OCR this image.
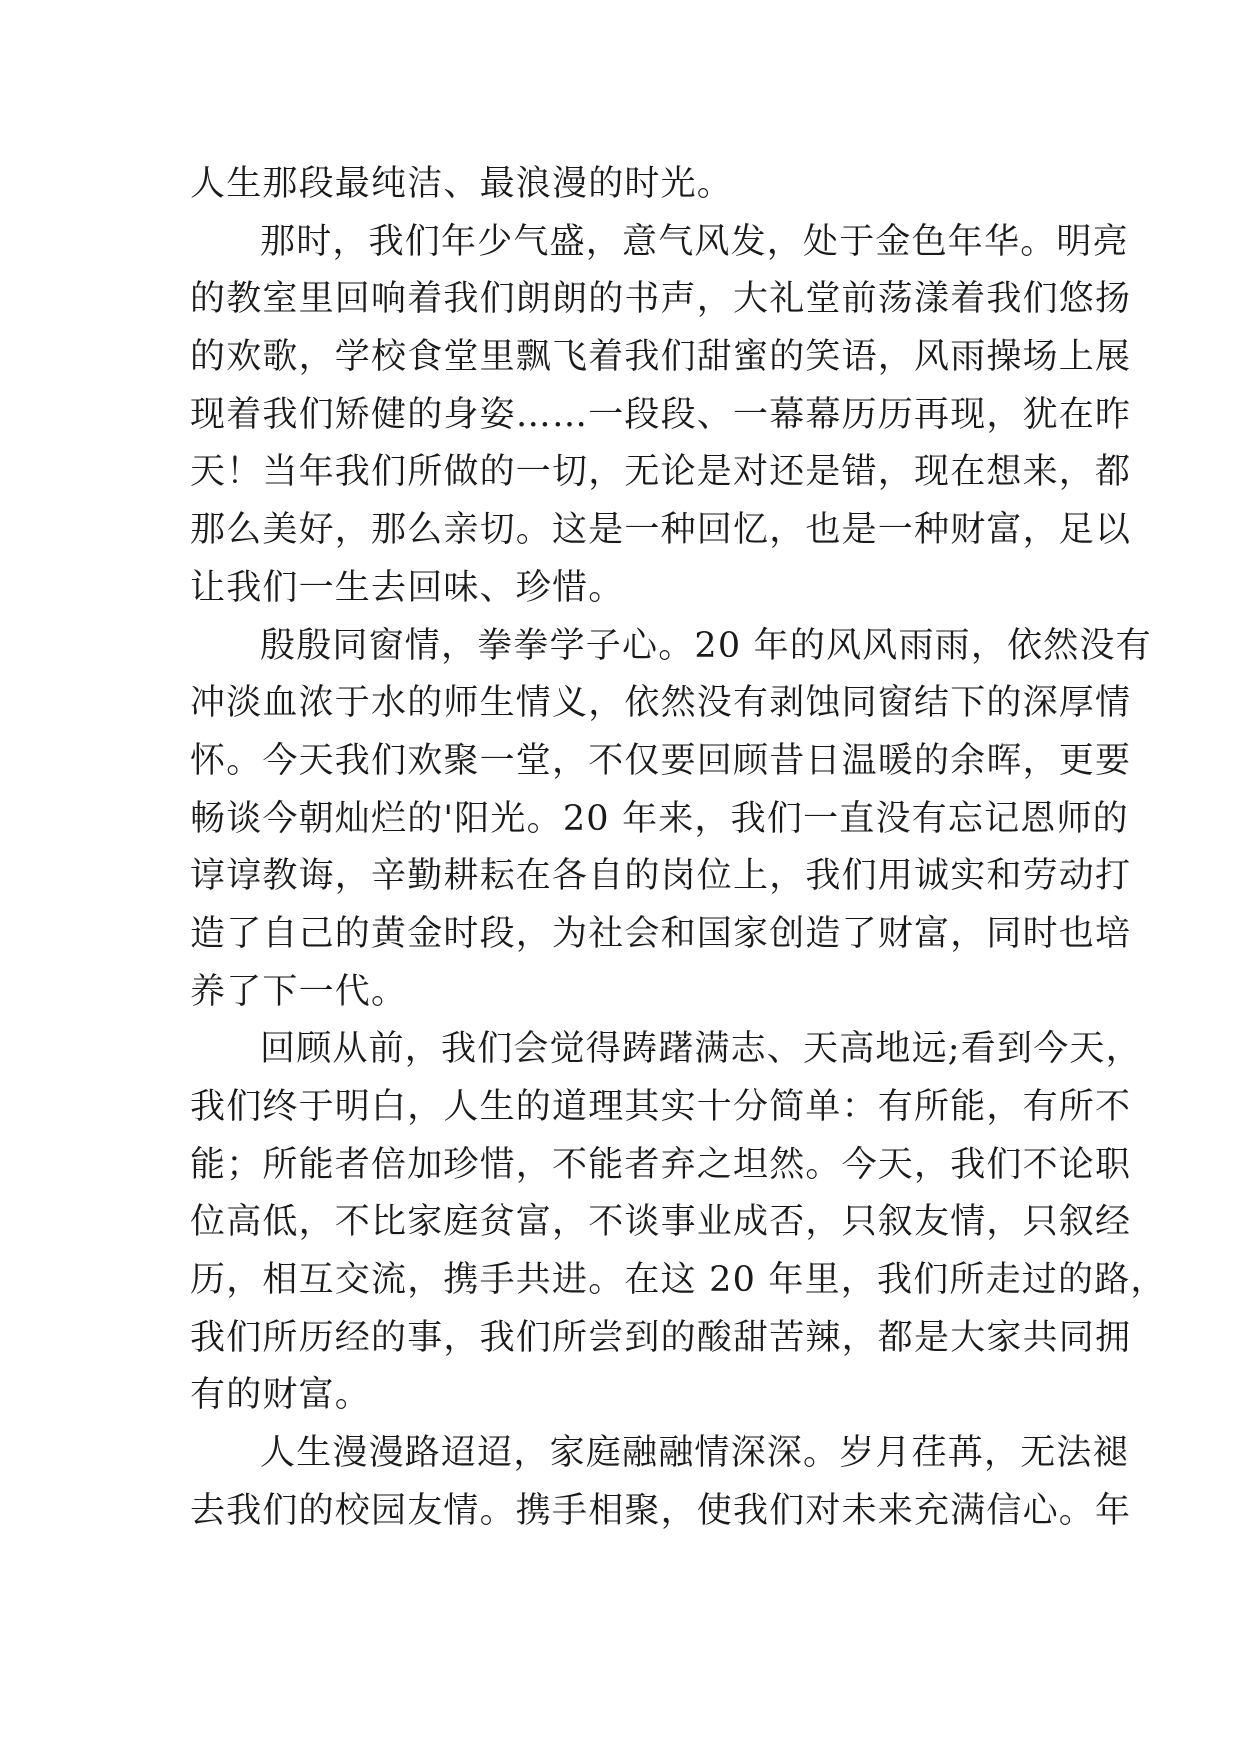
人生那段最纯洁、最浪漫的时光。
那时，我们年少气盛，意气风发，处于金色年华。明亮
的教室里回响着我们朗朗的书声，大礼堂前荡漾着我们悠扬
的欢歌，学校食堂里飘飞着我们甜蜜的笑语，风雨操场上展
现着我们矫健的身姿……一段段、一幕幕历历再现，犹在昨
天！当年我们所做的一切，无论是对还是错，现在想来，都
那么美好，那么亲切。这是一种回忆，也是一种财富，足以
让我们一生去回味、珍惜。
殷殷同窗情，拳拳学子心。20 年的风风雨雨，依然没有
冲淡血浓于水的师生情义，依然没有剥蚀同窗结下的深厚情
怀。今天我们欢聚一堂，不仅要回顾昔日温暖的余晖，更要
畅谈今朝灿烂的'阳光。20 年来，我们一直没有忘记恩师的
谆谆教诲，辛勤耕耘在各自的岗位上，我们用诚实和劳动打
造了自己的黄金时段，为社会和国家创造了财富，同时也培
养了下一代。
回顾从前，我们会觉得踌躇满志、天高地远;看到今天，
我们终于明白，人生的道理其实十分简单：有所能，有所不
能；所能者倍加珍惜，不能者弃之坦然。今天，我们不论职
位高低，不比家庭贫富，不谈事业成否，只叙友情，只叙经
历，相互交流，携手共进。在这 20 年里，我们所走过的路，
我们所历经的事，我们所尝到的酸甜苦辣，都是大家共同拥
有的财富。
人生漫漫路迢迢，家庭融融情深深。岁月荏苒，无法褪
去我们的校园友情。携手相聚，使我们对未来充满信心。年
